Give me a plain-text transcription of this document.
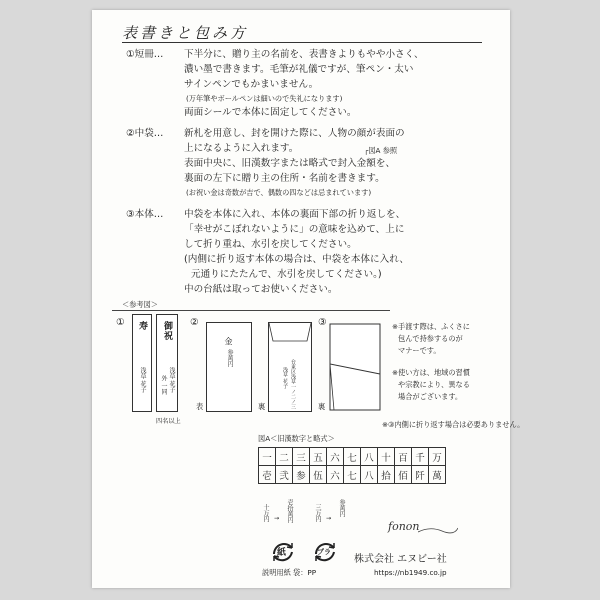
表書きと包み方
①短冊… 下半分に、贈り主の名前を、表書きよりもやや小さく、
濃い墨で書きます。毛筆が礼儀ですが、筆ペン・太い
サインペンでもかまいません。
(万年筆やボールペンは細いので失礼になります)
両面シールで本体に固定してください。
②中袋… 新札を用意し、封を開けた際に、人物の顔が表面の
上になるように入れます。	┌図A 参照
表面中央に、旧漢数字または略式で封入金額を、
裏面の左下に贈り主の住所・名前を書きます。
(お祝い金は奇数が吉で、偶数の四などは忌まれています)
③本体… 中袋を本体に入れ、本体の裏面下部の折り返しを、
「幸せがこぼれないように」の意味を込めて、上に
して折り重ね、水引を戻してください。
(内側に折り返す本体の場合は、中袋を本体に入れ、
元通りにたたんで、水引を戻してください。)
中の台紙は取ってお使いください。
＜参考図＞
① 寿
浅草 花子
御祝
浅草 花子
外 一同
四名以上
②
金
参萬円
表	台東区浅草一ノ二ノ三
浅草 花子
裏
③
裏
※③内側に折り返す場合は必要ありません。
※手渡す際は、ふくさに
包んで持参するのが
マナーです。
※使い方は、地域の習慣
や宗教により、異なる
場合がございます。
図A＜旧漢数字と略式＞
一	二	三	五	六	七	八	十	百	千	万
壱	弐	参	伍	六	七	八	拾	佰	阡	萬
十万円 → 壱拾萬円	三万円 →
参萬円
fonon
紙	プラ
説明用紙 袋：PP
株式会社 エヌビー社
https://nb1949.co.jp
